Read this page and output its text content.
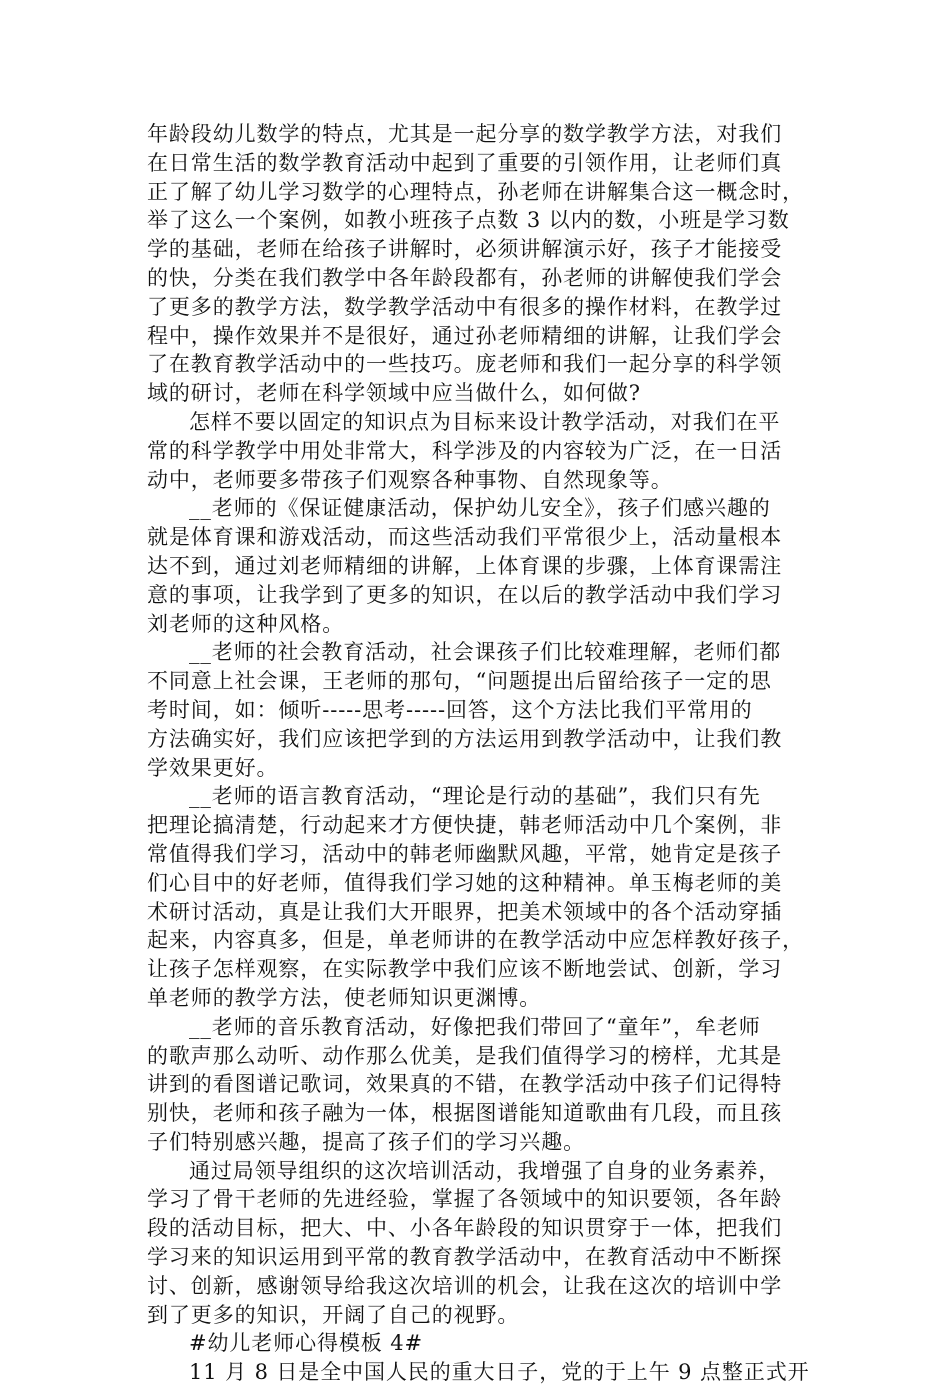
年龄段幼儿数学的特点，尤其是一起分享的数学教学方法，对我们
在日常生活的数学教育活动中起到了重要的引领作用，让老师们真
正了解了幼儿学习数学的心理特点，孙老师在讲解集合这一概念时，
举了这么一个案例，如教小班孩子点数 3 以内的数，小班是学习数
学的基础，老师在给孩子讲解时，必须讲解演示好，孩子才能接受
的快，分类在我们教学中各年龄段都有，孙老师的讲解使我们学会
了更多的教学方法，数学教学活动中有很多的操作材料，在教学过
程中，操作效果并不是很好，通过孙老师精细的讲解，让我们学会
了在教育教学活动中的一些技巧。庞老师和我们一起分享的科学领
域的研讨，老师在科学领域中应当做什么，如何做?
怎样不要以固定的知识点为目标来设计教学活动，对我们在平
常的科学教学中用处非常大，科学涉及的内容较为广泛，在一日活
动中，老师要多带孩子们观察各种事物、自然现象等。
__老师的《保证健康活动，保护幼儿安全》，孩子们感兴趣的
就是体育课和游戏活动，而这些活动我们平常很少上，活动量根本
达不到，通过刘老师精细的讲解，上体育课的步骤，上体育课需注
意的事项，让我学到了更多的知识，在以后的教学活动中我们学习
刘老师的这种风格。
__老师的社会教育活动，社会课孩子们比较难理解，老师们都
不同意上社会课，王老师的那句，“问题提出后留给孩子一定的思
考时间，如：倾听-----思考-----回答，这个方法比我们平常用的
方法确实好，我们应该把学到的方法运用到教学活动中，让我们教
学效果更好。
__老师的语言教育活动，“理论是行动的基础”，我们只有先
把理论搞清楚，行动起来才方便快捷，韩老师活动中几个案例，非
常值得我们学习，活动中的韩老师幽默风趣，平常，她肯定是孩子
们心目中的好老师，值得我们学习她的这种精神。单玉梅老师的美
术研讨活动，真是让我们大开眼界，把美术领域中的各个活动穿插
起来，内容真多，但是，单老师讲的在教学活动中应怎样教好孩子，
让孩子怎样观察，在实际教学中我们应该不断地尝试、创新，学习
单老师的教学方法，使老师知识更渊博。
__老师的音乐教育活动，好像把我们带回了“童年”，牟老师
的歌声那么动听、动作那么优美，是我们值得学习的榜样，尤其是
讲到的看图谱记歌词，效果真的不错，在教学活动中孩子们记得特
别快，老师和孩子融为一体，根据图谱能知道歌曲有几段，而且孩
子们特别感兴趣，提高了孩子们的学习兴趣。
通过局领导组织的这次培训活动，我增强了自身的业务素养，
学习了骨干老师的先进经验，掌握了各领域中的知识要领，各年龄
段的活动目标，把大、中、小各年龄段的知识贯穿于一体，把我们
学习来的知识运用到平常的教育教学活动中，在教育活动中不断探
讨、创新，感谢领导给我这次培训的机会，让我在这次的培训中学
到了更多的知识，开阔了自己的视野。
#幼儿老师心得模板 4#
11 月 8 日是全中国人民的重大日子，党的于上午 9 点整正式开
